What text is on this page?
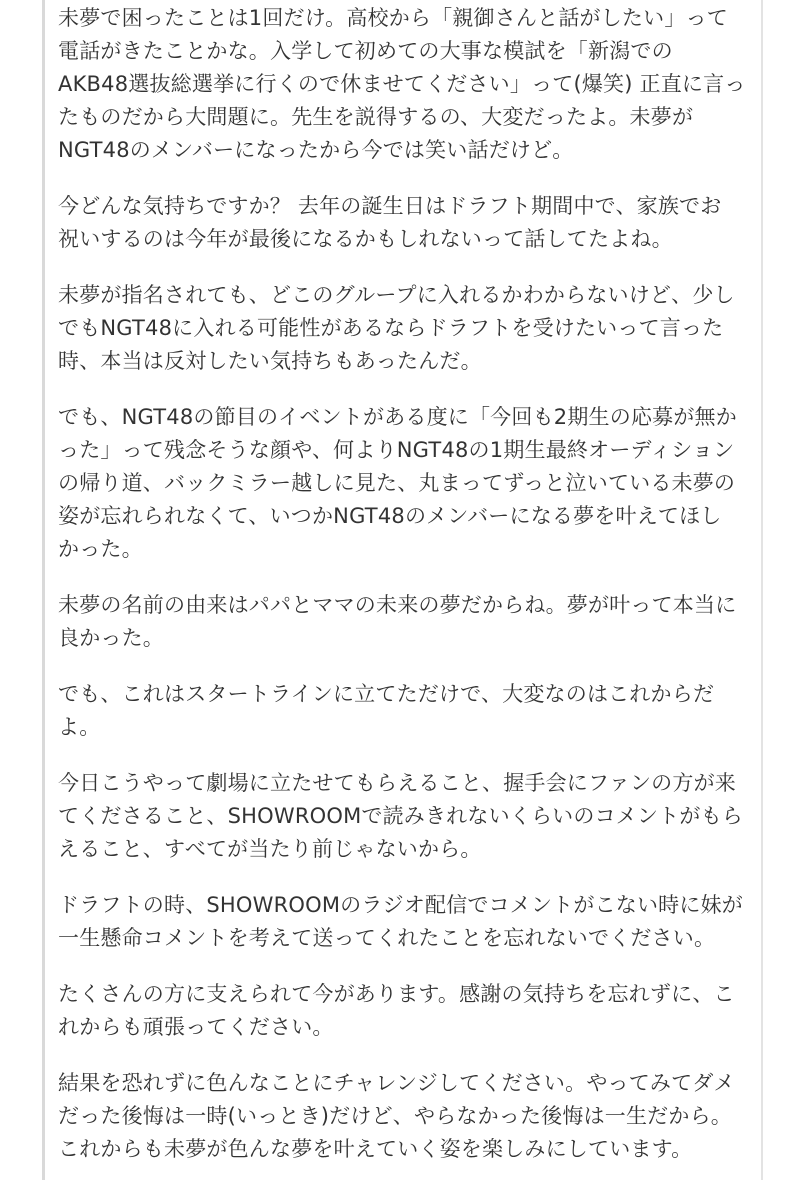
未夢で困ったことは1回だけ。高校から「親御さんと話がしたい」って
電話がきたことかな。入学して初めての大事な模試を「新潟での
AKB48選抜総選挙に行くので休ませてください」って(爆笑) 正直に言っ
たものだから大問題に。先生を説得するの、大変だったよ。未夢が
NGT48のメンバーになったから今では笑い話だけど。

今どんな気持ちですか？ 去年の誕生日はドラフト期間中で、家族でお
祝いするのは今年が最後になるかもしれないって話してたよね。

未夢が指名されても、どこのグループに入れるかわからないけど、少し
でもNGT48に入れる可能性があるならドラフトを受けたいって言った
時、本当は反対したい気持ちもあったんだ。

でも、NGT48の節目のイベントがある度に「今回も2期生の応募が無か
った」って残念そうな顔や、何よりNGT48の1期生最終オーディション
の帰り道、バックミラー越しに見た、丸まってずっと泣いている未夢の
姿が忘れられなくて、いつかNGT48のメンバーになる夢を叶えてほし
かった。

未夢の名前の由来はパパとママの未来の夢だからね。夢が叶って本当に
良かった。

でも、これはスタートラインに立てただけで、大変なのはこれからだ
よ。

今日こうやって劇場に立たせてもらえること、握手会にファンの方が来
てくださること、SHOWROOMで読みきれないくらいのコメントがもら
えること、すべてが当たり前じゃないから。

ドラフトの時、SHOWROOMのラジオ配信でコメントがこない時に妹が
一生懸命コメントを考えて送ってくれたことを忘れないでください。

たくさんの方に支えられて今があります。感謝の気持ちを忘れずに、こ
れからも頑張ってください。

結果を恐れずに色んなことにチャレンジしてください。やってみてダメ
だった後悔は一時(いっとき)だけど、やらなかった後悔は一生だから。
これからも未夢が色んな夢を叶えていく姿を楽しみにしています。
